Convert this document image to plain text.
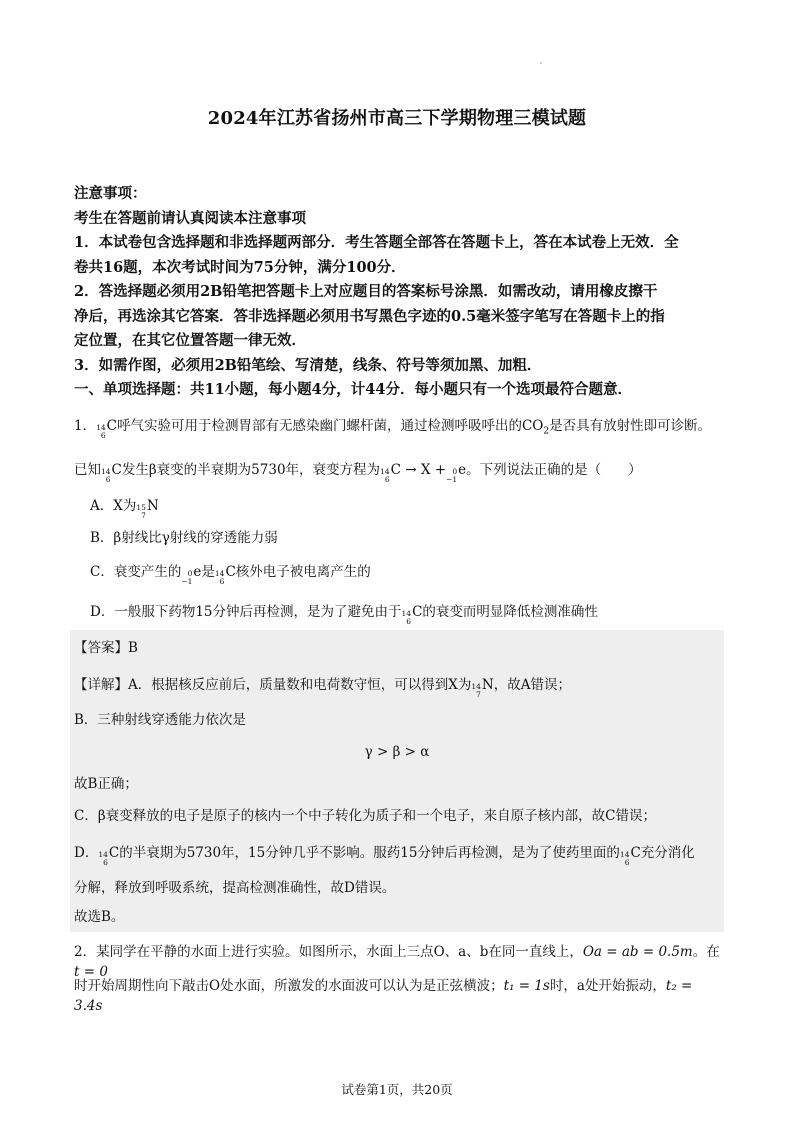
2024年江苏省扬州市高三下学期物理三模试题

注意事项：

考生在答题前请认真阅读本注意事项

1．本试卷包含选择题和非选择题两部分．考生答题全部答在答题卡上，答在本试卷上无效．全

卷共16题，本次考试时间为75分钟，满分100分．

2．答选择题必须用2B铅笔把答题卡上对应题目的答案标号涂黑．如需改动，请用橡皮擦干

净后，再选涂其它答案．答非选择题必须用书写黑色字迹的0.5毫米签字笔写在答题卡上的指

定位置，在其它位置答题一律无效．

3．如需作图，必须用2B铅笔绘、写清楚，线条、符号等须加黑、加粗．

一、单项选择题：共11小题，每小题4分，计44分．每小题只有一个选项最符合题意．

1． 14
6
C呼气实验可用于检测胃部有无感染幽门螺杆菌，通过检测呼吸呼出的$CO_2$是否具有放射性即可诊断。
已知 14
6
C发生β衰变的半衰期为5730年，衰变方程为 14
6
C → X + 0
−1
e。下列说法正确的是（　　）
A．X为 15
7
N
B．β射线比γ射线的穿透能力弱
C．衰变产生的 0
−1
e是 14
6
C核外电子被电离产生的
D．一般服下药物15分钟后再检测，是为了避免由于 14
6
C的衰变而明显降低检测准确性
【答案】B
【详解】A．根据核反应前后，质量数和电荷数守恒，可以得到X为 14
7
N，故A错误；
B．三种射线穿透能力依次是
γ > β > α
故B正确；
C．β衰变释放的电子是原子的核内一个中子转化为质子和一个电子，来自原子核内部，故C错误；
D． 14
6
C的半衰期为5730年，15分钟几乎不影响。服药15分钟后再检测，是为了使药里面的 14
6
C充分消化
分解，释放到呼吸系统，提高检测准确性，故D错误。
故选B。
2．某同学在平静的水面上进行实验。如图所示，水面上三点O、a、b在同一直线上，Oa = ab = 0.5m。在t = 0
时开始周期性向下敲击O处水面，所激发的水面波可以认为是正弦横波；t₁ = 1s时，a处开始振动，t₂ = 3.4s
试卷第1页，共20页
